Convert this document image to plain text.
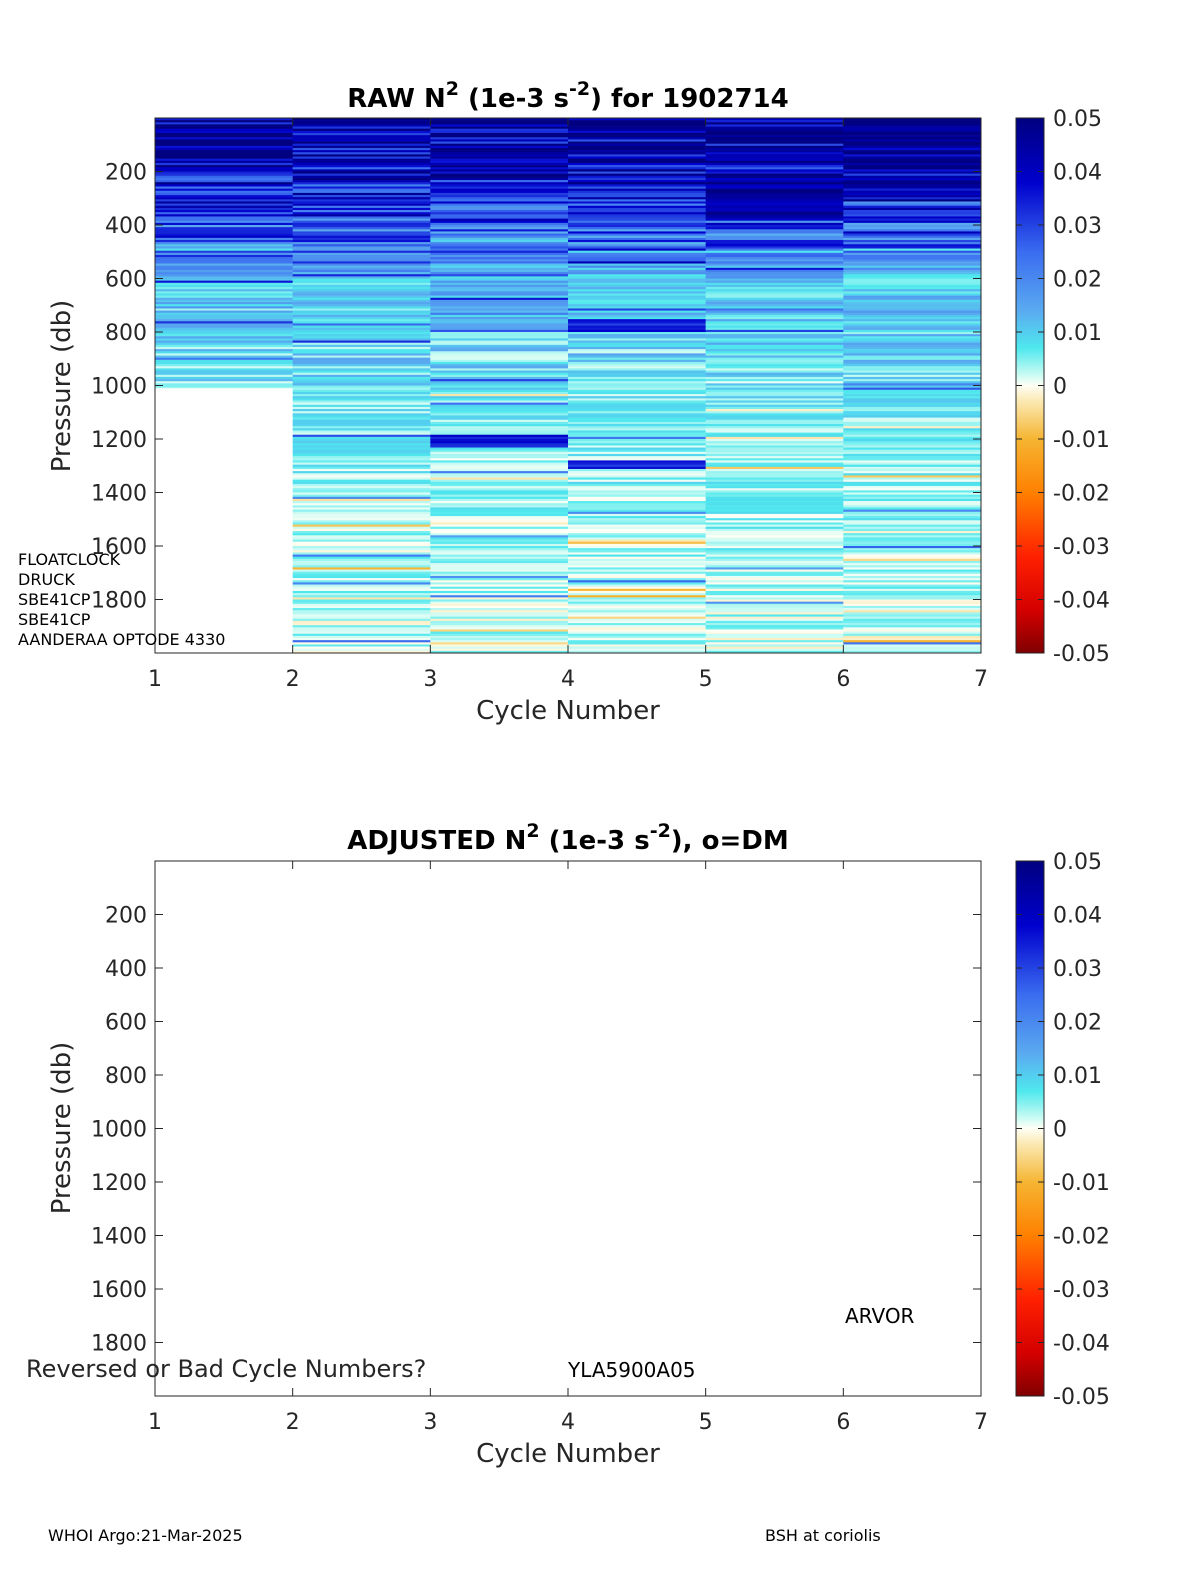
RAW $N^2$ (1e-3 $s^{-2}$) for 1902714
1	2	3	4	5	6	7
200
400
600
800
1000
1200
1400
1600
1800
Cycle Number
Pressure (db)
0.05
0.04
0.03
0.02
0.01
0
-0.01
-0.02
-0.03
-0.04
-0.05
FLOATCLOCK
DRUCK
SBE41CP
SBE41CP
AANDERAA OPTODE 4330
ADJUSTED $N^2$ (1e-3 $s^{-2}$), o=DM
1	2	3	4	5	6	7
200
400
600
800
1000
1200
1400
1600
1800
Cycle Number
Pressure (db)
0.05
0.04
0.03
0.02
0.01
0
-0.01
-0.02
-0.03
-0.04
-0.05
ARVOR
Reversed or Bad Cycle Numbers?	YLA5900A05
WHOI Argo:21-Mar-2025	BSH at coriolis
